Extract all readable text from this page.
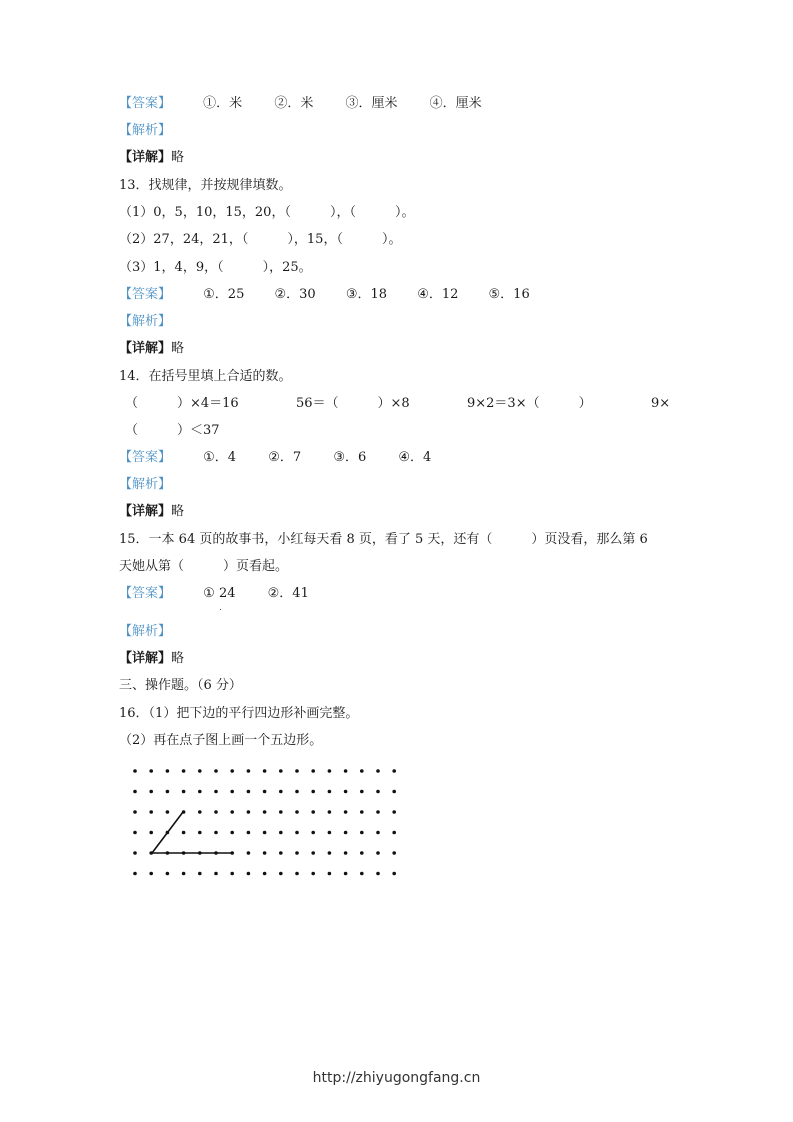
【答案】 ①．米 ②．米 ③．厘米 ④．厘米
【解析】
【详解】略
13．找规律，并按规律填数。
（1）0，5，10，15，20，（　　　），（　　　）。
（2）27，24，21，（　　　），15，（　　　）。
（3）1，4，9，（　　　），25。
【答案】 ①．25 ②．30 ③．18 ④．12 ⑤．16
【解析】
【详解】略
14．在括号里填上合适的数。
（　　　）×4＝16	56＝（　　　）×8	9×2＝3×（　　　）	9×
（　　　）＜37
【答案】 ①．4 ②．7 ③．6 ④．4
【解析】
【详解】略
15．一本 64 页的故事书，小红每天看 8 页，看了 5 天，还有（　　　）页没看，那么第 6
天她从第（　　　）页看起。
【答案】 ① 24 ②．41
【解析】
【详解】略
三、操作题。（6 分）
16．（1）把下边的平行四边形补画完整。
（2）再在点子图上画一个五边形。
http://zhiyugongfang.cn
